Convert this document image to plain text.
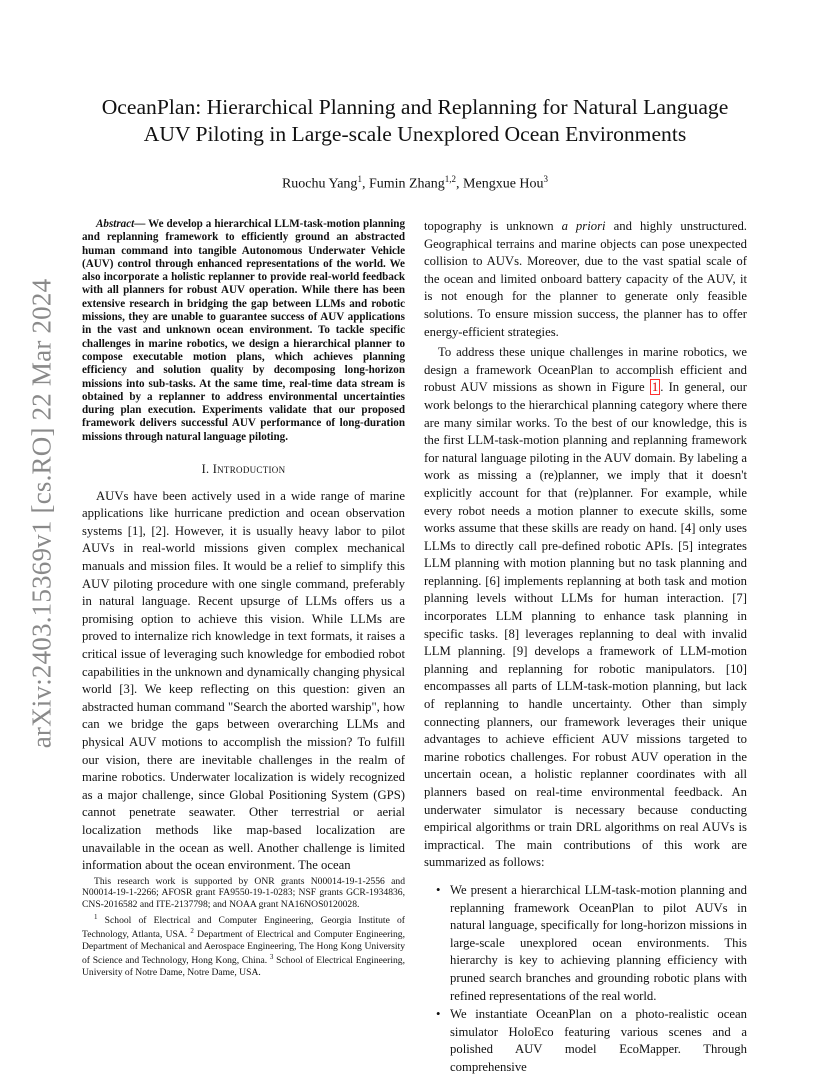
arXiv:2403.15369v1 [cs.RO] 22 Mar 2024
OceanPlan: Hierarchical Planning and Replanning for Natural Language AUV Piloting in Large-scale Unexplored Ocean Environments

Ruochu Yang$^1$, Fumin Zhang$^{1,2}$, Mengxue Hou$^3$

Abstract— We develop a hierarchical LLM-task-motion planning and replanning framework to efficiently ground an abstracted human command into tangible Autonomous Underwater Vehicle (AUV) control through enhanced representations of the world. We also incorporate a holistic replanner to provide real-world feedback with all planners for robust AUV operation. While there has been extensive research in bridging the gap between LLMs and robotic missions, they are unable to guarantee success of AUV applications in the vast and unknown ocean environment. To tackle specific challenges in marine robotics, we design a hierarchical planner to compose executable motion plans, which achieves planning efficiency and solution quality by decomposing long-horizon missions into sub-tasks. At the same time, real-time data stream is obtained by a replanner to address environmental uncertainties during plan execution. Experiments validate that our proposed framework delivers successful AUV performance of long-duration missions through natural language piloting.

I. Introduction

AUVs have been actively used in a wide range of marine applications like hurricane prediction and ocean observation systems [1], [2]. However, it is usually heavy labor to pilot AUVs in real-world missions given complex mechanical manuals and mission files. It would be a relief to simplify this AUV piloting procedure with one single command, preferably in natural language. Recent upsurge of LLMs offers us a promising option to achieve this vision. While LLMs are proved to internalize rich knowledge in text formats, it raises a critical issue of leveraging such knowledge for embodied robot capabilities in the unknown and dynamically changing physical world [3]. We keep reflecting on this question: given an abstracted human command "Search the aborted warship", how can we bridge the gaps between overarching LLMs and physical AUV motions to accomplish the mission? To fulfill our vision, there are inevitable challenges in the realm of marine robotics. Underwater localization is widely recognized as a major challenge, since Global Positioning System (GPS) cannot penetrate seawater. Other terrestrial or aerial localization methods like map-based localization are unavailable in the ocean as well. Another challenge is limited information about the ocean environment. The ocean

This research work is supported by ONR grants N00014-19-1-2556 and N00014-19-1-2266; AFOSR grant FA9550-19-1-0283; NSF grants GCR-1934836, CNS-2016582 and ITE-2137798; and NOAA grant NA16NOS0120028.

$^1$ School of Electrical and Computer Engineering, Georgia Institute of Technology, Atlanta, USA. $^2$ Department of Electrical and Computer Engineering, Department of Mechanical and Aerospace Engineering, The Hong Kong University of Science and Technology, Hong Kong, China. $^3$ School of Electrical Engineering, University of Notre Dame, Notre Dame, USA.

topography is unknown a priori and highly unstructured. Geographical terrains and marine objects can pose unexpected collision to AUVs. Moreover, due to the vast spatial scale of the ocean and limited onboard battery capacity of the AUV, it is not enough for the planner to generate only feasible solutions. To ensure mission success, the planner has to offer energy-efficient strategies.

To address these unique challenges in marine robotics, we design a framework OceanPlan to accomplish efficient and robust AUV missions as shown in Figure 1 . In general, our work belongs to the hierarchical planning category where there are many similar works. To the best of our knowledge, this is the first LLM-task-motion planning and replanning framework for natural language piloting in the AUV domain. By labeling a work as missing a (re)planner, we imply that it doesn't explicitly account for that (re)planner. For example, while every robot needs a motion planner to execute skills, some works assume that these skills are ready on hand. [4] only uses LLMs to directly call pre-defined robotic APIs. [5] integrates LLM planning with motion planning but no task planning and replanning. [6] implements replanning at both task and motion planning levels without LLMs for human interaction. [7] incorporates LLM planning to enhance task planning in specific tasks. [8] leverages replanning to deal with invalid LLM planning. [9] develops a framework of LLM-motion planning and replanning for robotic manipulators. [10] encompasses all parts of LLM-task-motion planning, but lack of replanning to handle uncertainty. Other than simply connecting planners, our framework leverages their unique advantages to achieve efficient AUV missions targeted to marine robotics challenges. For robust AUV operation in the uncertain ocean, a holistic replanner coordinates with all planners based on real-time environmental feedback. An underwater simulator is necessary because conducting empirical algorithms or train DRL algorithms on real AUVs is impractical. The main contributions of this work are summarized as follows:

• We present a hierarchical LLM-task-motion planning and replanning framework OceanPlan to pilot AUVs in natural language, specifically for long-horizon missions in large-scale unexplored ocean environments. This hierarchy is key to achieving planning efficiency with pruned search branches and grounding robotic plans with refined representations of the real world.
• We instantiate OceanPlan on a photo-realistic ocean simulator HoloEco featuring various scenes and a polished AUV model EcoMapper. Through comprehensive
